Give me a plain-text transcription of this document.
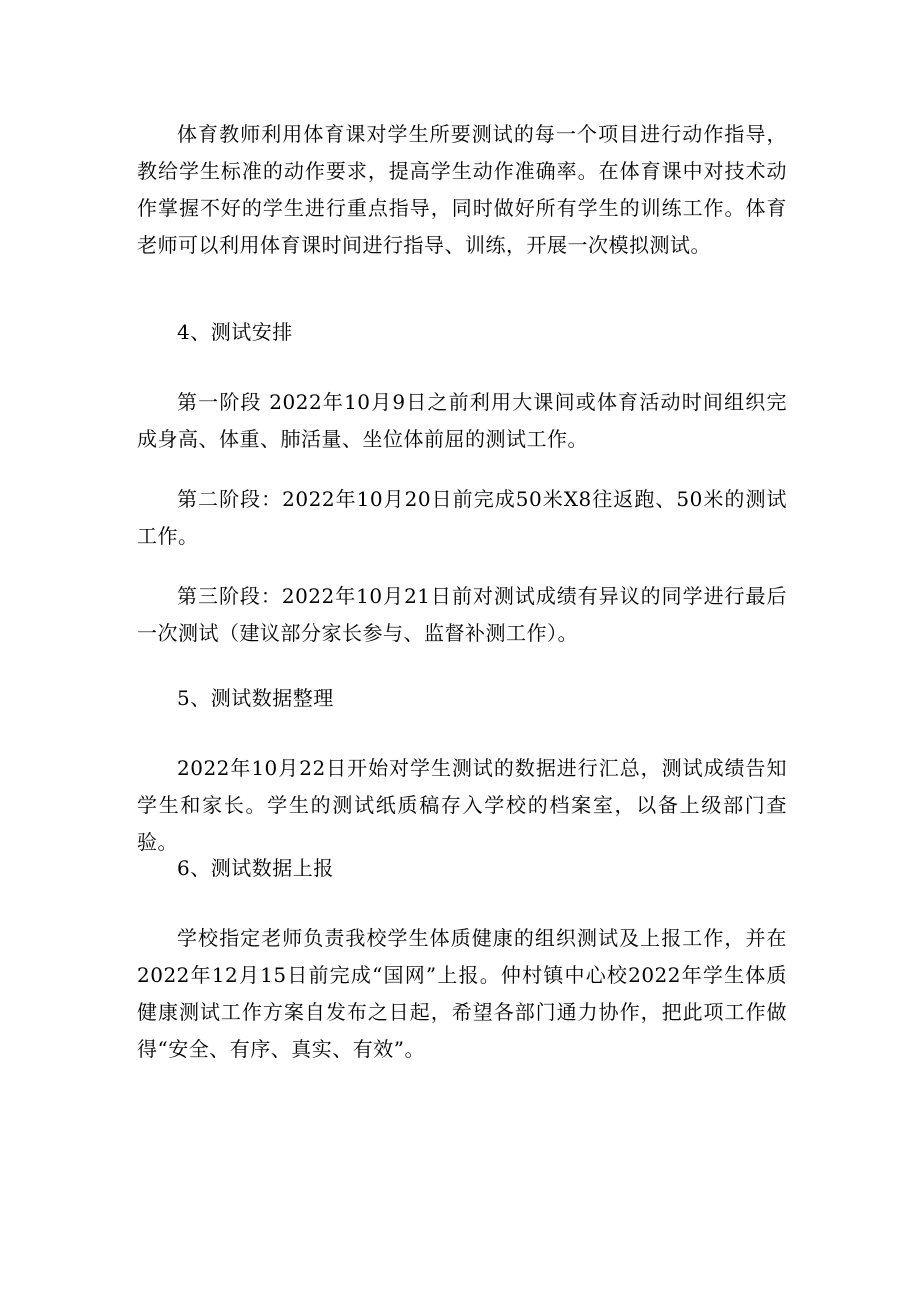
体育教师利用体育课对学生所要测试的每一个项目进行动作指导，教给学生标准的动作要求，提高学生动作准确率。在体育课中对技术动作掌握不好的学生进行重点指导，同时做好所有学生的训练工作。体育老师可以利用体育课时间进行指导、训练，开展一次模拟测试。

4、测试安排

第一阶段 2022年10月9日之前利用大课间或体育活动时间组织完成身高、体重、肺活量、坐位体前屈的测试工作。

第二阶段：2022年10月20日前完成50米X8往返跑、50米的测试工作。

第三阶段：2022年10月21日前对测试成绩有异议的同学进行最后一次测试（建议部分家长参与、监督补测工作）。

5、测试数据整理

2022年10月22日开始对学生测试的数据进行汇总，测试成绩告知学生和家长。学生的测试纸质稿存入学校的档案室，以备上级部门查验。

6、测试数据上报

学校指定老师负责我校学生体质健康的组织测试及上报工作，并在2022年12月15日前完成“国网”上报。仲村镇中心校2022年学生体质健康测试工作方案自发布之日起，希望各部门通力协作，把此项工作做得“安全、有序、真实、有效”。
